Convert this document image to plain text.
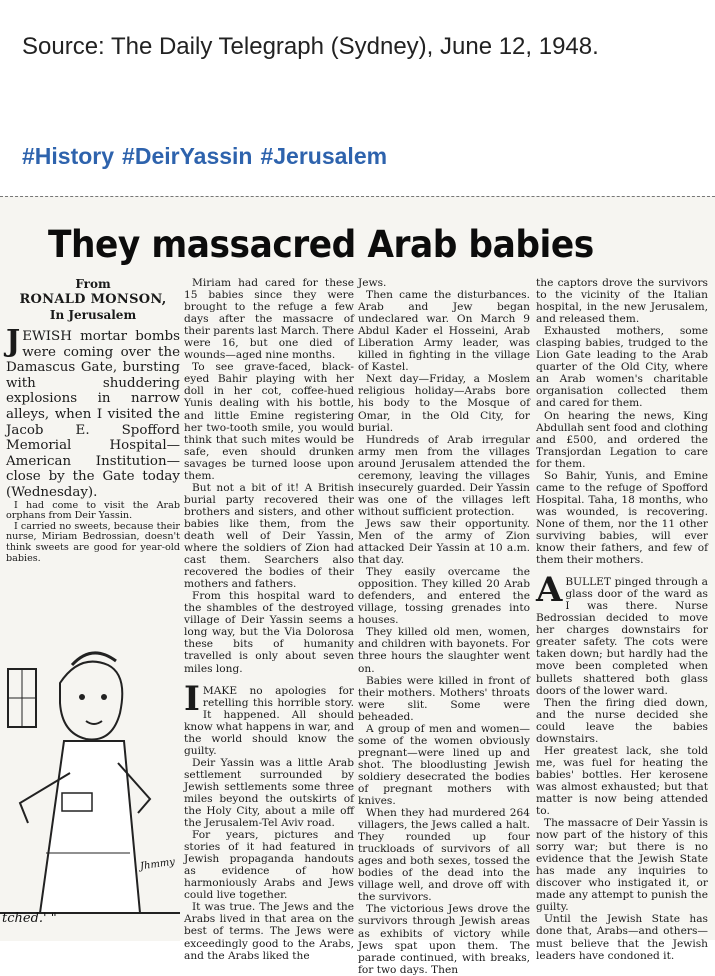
Source: The Daily Telegraph (Sydney), June 12, 1948.
#History #DeirYassin #Jerusalem
They massacred Arab babies
From
RONALD MONSON,
In Jerusalem

JEWISH mortar bombs were coming over the Damascus Gate, bursting with shuddering explosions in narrow alleys, when I visited the Jacob E. Spofford Memorial Hospital—American Institution—close by the Gate today (Wednesday).

I had come to visit the Arab orphans from Deir Yassin.

I carried no sweets, because their nurse, Miriam Bedrossian, doesn't think sweets are good for year-old babies.

Jhmmy
tched.' "

Miriam had cared for these 15 babies since they were brought to the refuge a few days after the massacre of their parents last March. There were 16, but one died of wounds—aged nine months.

To see grave-faced, black-eyed Bahir playing with her doll in her cot, coffee-hued Yunis dealing with his bottle, and little Emine registering her two-tooth smile, you would think that such mites would be safe, even should drunken savages be turned loose upon them.

But not a bit of it! A British burial party recovered their brothers and sisters, and other babies like them, from the death well of Deir Yassin, where the soldiers of Zion had cast them. Searchers also recovered the bodies of their mothers and fathers.

From this hospital ward to the shambles of the destroyed village of Deir Yassin seems a long way, but the Via Dolorosa these bits of humanity travelled is only about seven miles long.

IMAKE no apologies for retelling this horrible story. It happened. All should know what happens in war, and the world should know the guilty.

Deir Yassin was a little Arab settlement surrounded by Jewish settlements some three miles beyond the outskirts of the Holy City, about a mile off the Jerusalem-Tel Aviv road.

For years, pictures and stories of it had featured in Jewish propaganda handouts as evidence of how harmoniously Arabs and Jews could live together.

It was true. The Jews and the Arabs lived in that area on the best of terms. The Jews were exceedingly good to the Arabs, and the Arabs liked the

Jews.

Then came the disturbances. Arab and Jew began undeclared war. On March 9 Abdul Kader el Hosseini, Arab Liberation Army leader, was killed in fighting in the village of Kastel.

Next day—Friday, a Moslem religious holiday—Arabs bore his body to the Mosque of Omar, in the Old City, for burial.

Hundreds of Arab irregular army men from the villages around Jerusalem attended the ceremony, leaving the villages insecurely guarded. Deir Yassin was one of the villages left without sufficient protection.

Jews saw their opportunity. Men of the army of Zion attacked Deir Yassin at 10 a.m. that day.

They easily overcame the opposition. They killed 20 Arab defenders, and entered the village, tossing grenades into houses.

They killed old men, women, and children with bayonets. For three hours the slaughter went on.

Babies were killed in front of their mothers. Mothers' throats were slit. Some were beheaded.

A group of men and women—some of the women obviously pregnant—were lined up and shot. The bloodlusting Jewish soldiery desecrated the bodies of pregnant mothers with knives.

When they had murdered 264 villagers, the Jews called a halt. They rounded up four truckloads of survivors of all ages and both sexes, tossed the bodies of the dead into the village well, and drove off with the survivors.

The victorious Jews drove the survivors through Jewish areas as exhibits of victory while Jews spat upon them. The parade continued, with breaks, for two days. Then

the captors drove the survivors to the vicinity of the Italian hospital, in the new Jerusalem, and released them.

Exhausted mothers, some clasping babies, trudged to the Lion Gate leading to the Arab quarter of the Old City, where an Arab women's charitable organisation collected them and cared for them.

On hearing the news, King Abdullah sent food and clothing and £500, and ordered the Transjordan Legation to care for them.

So Bahir, Yunis, and Emine came to the refuge of Spofford Hospital. Taha, 18 months, who was wounded, is recovering. None of them, nor the 11 other surviving babies, will ever know their fathers, and few of them their mothers.

ABULLET pinged through a glass door of the ward as I was there. Nurse Bedrossian decided to move her charges downstairs for greater safety. The cots were taken down; but hardly had the move been completed when bullets shattered both glass doors of the lower ward.

Then the firing died down, and the nurse decided she could leave the babies downstairs.

Her greatest lack, she told me, was fuel for heating the babies' bottles. Her kerosene was almost exhausted; but that matter is now being attended to.

The massacre of Deir Yassin is now part of the history of this sorry war; but there is no evidence that the Jewish State has made any inquiries to discover who instigated it, or made any attempt to punish the guilty.

Until the Jewish State has done that, Arabs—and others—must believe that the Jewish leaders have condoned it.
